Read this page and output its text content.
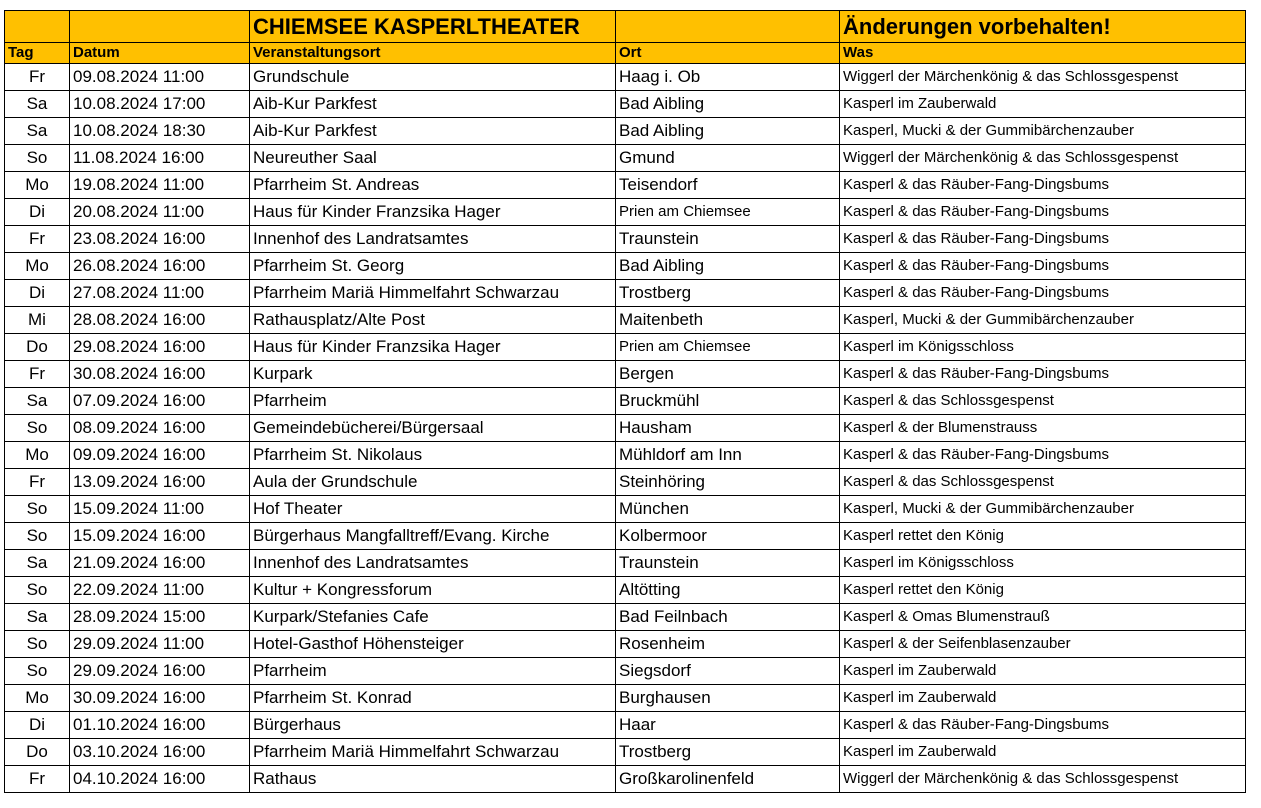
		CHIEMSEE KASPERLTHEATER		Änderungen vorbehalten!
Tag	Datum	Veranstaltungsort	Ort	Was
Fr	09.08.2024 11:00	Grundschule	Haag i. Ob	Wiggerl der Märchenkönig & das Schlossgespenst
Sa	10.08.2024 17:00	Aib-Kur Parkfest	Bad Aibling	Kasperl im Zauberwald
Sa	10.08.2024 18:30	Aib-Kur Parkfest	Bad Aibling	Kasperl, Mucki & der Gummibärchenzauber
So	11.08.2024 16:00	Neureuther Saal	Gmund	Wiggerl der Märchenkönig & das Schlossgespenst
Mo	19.08.2024 11:00	Pfarrheim St. Andreas	Teisendorf	Kasperl & das Räuber-Fang-Dingsbums
Di	20.08.2024 11:00	Haus für Kinder Franzsika Hager	Prien am Chiemsee	Kasperl & das Räuber-Fang-Dingsbums
Fr	23.08.2024 16:00	Innenhof des Landratsamtes	Traunstein	Kasperl & das Räuber-Fang-Dingsbums
Mo	26.08.2024 16:00	Pfarrheim St. Georg	Bad Aibling	Kasperl & das Räuber-Fang-Dingsbums
Di	27.08.2024 11:00	Pfarrheim Mariä Himmelfahrt Schwarzau	Trostberg	Kasperl & das Räuber-Fang-Dingsbums
Mi	28.08.2024 16:00	Rathausplatz/Alte Post	Maitenbeth	Kasperl, Mucki & der Gummibärchenzauber
Do	29.08.2024 16:00	Haus für Kinder Franzsika Hager	Prien am Chiemsee	Kasperl im Königsschloss
Fr	30.08.2024 16:00	Kurpark	Bergen	Kasperl & das Räuber-Fang-Dingsbums
Sa	07.09.2024 16:00	Pfarrheim	Bruckmühl	Kasperl & das Schlossgespenst
So	08.09.2024 16:00	Gemeindebücherei/Bürgersaal	Hausham	Kasperl & der Blumenstrauss
Mo	09.09.2024 16:00	Pfarrheim St. Nikolaus	Mühldorf am Inn	Kasperl & das Räuber-Fang-Dingsbums
Fr	13.09.2024 16:00	Aula der Grundschule	Steinhöring	Kasperl & das Schlossgespenst
So	15.09.2024 11:00	Hof Theater	München	Kasperl, Mucki & der Gummibärchenzauber
So	15.09.2024 16:00	Bürgerhaus Mangfalltreff/Evang. Kirche	Kolbermoor	Kasperl rettet den König
Sa	21.09.2024 16:00	Innenhof des Landratsamtes	Traunstein	Kasperl im Königsschloss
So	22.09.2024 11:00	Kultur + Kongressforum	Altötting	Kasperl rettet den König
Sa	28.09.2024 15:00	Kurpark/Stefanies Cafe	Bad Feilnbach	Kasperl & Omas Blumenstrauß
So	29.09.2024 11:00	Hotel-Gasthof Höhensteiger	Rosenheim	Kasperl & der Seifenblasenzauber
So	29.09.2024 16:00	Pfarrheim	Siegsdorf	Kasperl im Zauberwald
Mo	30.09.2024 16:00	Pfarrheim St. Konrad	Burghausen	Kasperl im Zauberwald
Di	01.10.2024 16:00	Bürgerhaus	Haar	Kasperl & das Räuber-Fang-Dingsbums
Do	03.10.2024 16:00	Pfarrheim Mariä Himmelfahrt Schwarzau	Trostberg	Kasperl im Zauberwald
Fr	04.10.2024 16:00	Rathaus	Großkarolinenfeld	Wiggerl der Märchenkönig & das Schlossgespenst
